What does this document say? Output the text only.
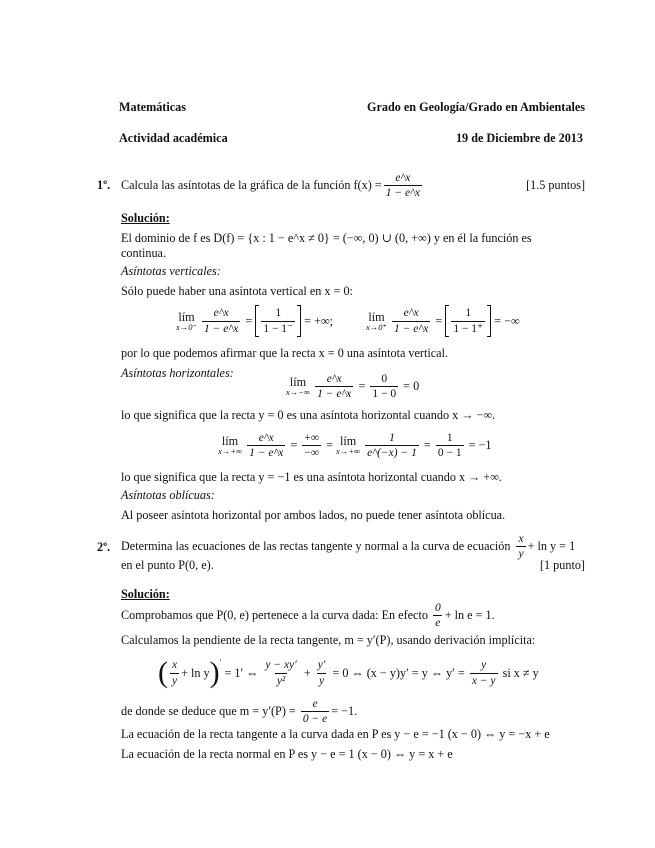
Matemáticas	Grado en Geología/Grado en Ambientales
Actividad académica	19 de Diciembre de 2013
1º. Calcula las asíntotas de la gráfica de la función $f(x) = \frac{e\^{}x}{1 - e\^{}x}$	[1.5 puntos]
Solución:
El dominio de f es D(f) = {x : 1 − e^x ≠ 0} = (−∞, 0) ∪ (0, +∞) y en él la función es
continua.
Asíntotas verticales:
Sólo puede haber una asíntota vertical en x = 0:
lím
$x\to 0^- \frac{e\^{}x}{1 - e\^{}x} = \frac{1}{1 - 1^-}$
= +∞;	lím
$x\to 0^+ \frac{e\^{}x}{1 - e\^{}x} = \frac{1}{1 - 1^+}$
= −∞
por lo que podemos afirmar que la recta x = 0 una asíntota vertical.
Asíntotas horizontales:
lím
$x\to-\infty \frac{e\^{}x}{1 - e\^{}x} = \frac{0}{1 - 0}$
= 0
lo que significa que la recta y = 0 es una asíntota horizontal cuando x → −∞.
lím
$x\to+\infty \frac{e\^{}x}{1 - e\^{}x} = \frac{+\infty}{-\infty}$ = lím
$x\to+\infty \frac{1}{e\^{}(-x) - 1} = \frac{1}{0 - 1}$
= −1
lo que significa que la recta y = −1 es una asíntota horizontal cuando x → +∞.
Asíntotas oblícuas:
Al poseer asíntota horizontal por ambos lados, no puede tener asíntota oblícua.
2º. Determina las ecuaciones de las rectas tangente y normal a la curva de ecuación $\frac{x}{y} + \ln y = 1$
en el punto P(0, e).	[1 punto]
Solución:
Comprobamos que P(0, e) pertenece a la curva dada: En efecto $\frac{0}{e} + \ln e = 1$.
Calculamos la pendiente de la recta tangente, m = y′(P), usando derivación implícita:
( $\frac{x}{y} + \ln y$ )′

= 1′ ⇔
$\frac{y - xy'}{\text{y²}} + \frac{y'}{y}$
= 0 ⇔ (x − y)y′ = y ⇔ y′ =
$\frac{y}{x - y}$
si x ≠ y
de donde se deduce que $m = y'(P) = \frac{e}{0 - e} = -1$.
La ecuación de la recta tangente a la curva dada en P es y − e = −1 (x − 0) ⇔ y = −x + e
La ecuación de la recta normal en P es y − e = 1 (x − 0) ⇔ y = x + e
